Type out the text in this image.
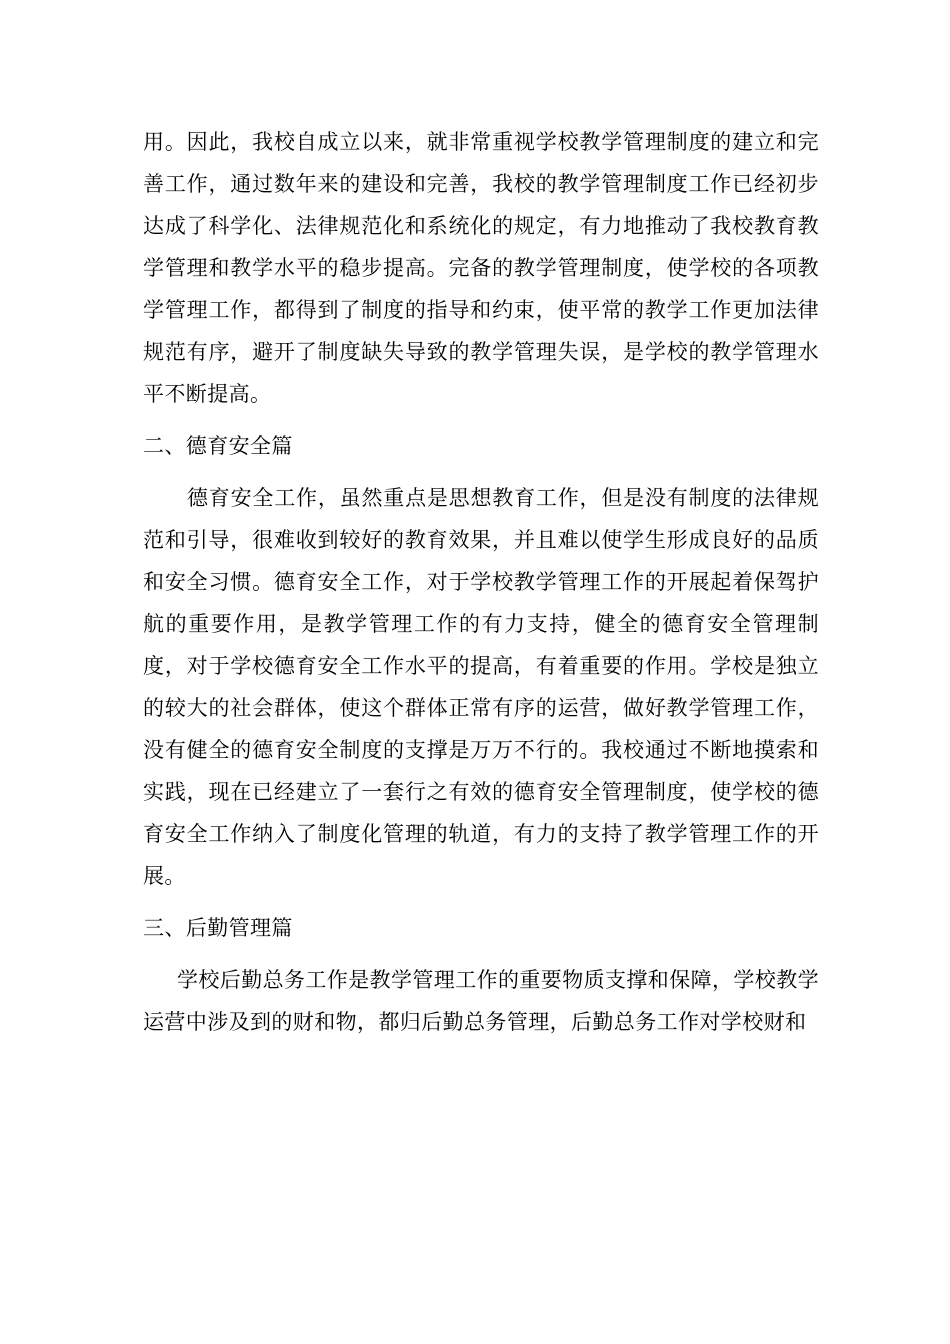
用。因此，我校自成立以来，就非常重视学校教学管理制度的建立和完善工作，通过数年来的建设和完善，我校的教学管理制度工作已经初步达成了科学化、法律规范化和系统化的规定，有力地推动了我校教育教学管理和教学水平的稳步提高。完备的教学管理制度，使学校的各项教学管理工作，都得到了制度的指导和约束，使平常的教学工作更加法律规范有序，避开了制度缺失导致的教学管理失误，是学校的教学管理水平不断提高。

二、德育安全篇

德育安全工作，虽然重点是思想教育工作，但是没有制度的法律规范和引导，很难收到较好的教育效果，并且难以使学生形成良好的品质和安全习惯。德育安全工作，对于学校教学管理工作的开展起着保驾护航的重要作用，是教学管理工作的有力支持，健全的德育安全管理制度，对于学校德育安全工作水平的提高，有着重要的作用。学校是独立的较大的社会群体，使这个群体正常有序的运营，做好教学管理工作，没有健全的德育安全制度的支撑是万万不行的。我校通过不断地摸索和实践，现在已经建立了一套行之有效的德育安全管理制度，使学校的德育安全工作纳入了制度化管理的轨道，有力的支持了教学管理工作的开展。

三、后勤管理篇

学校后勤总务工作是教学管理工作的重要物质支撑和保障，学校教学运营中涉及到的财和物，都归后勤总务管理，后勤总务工作对学校财和
